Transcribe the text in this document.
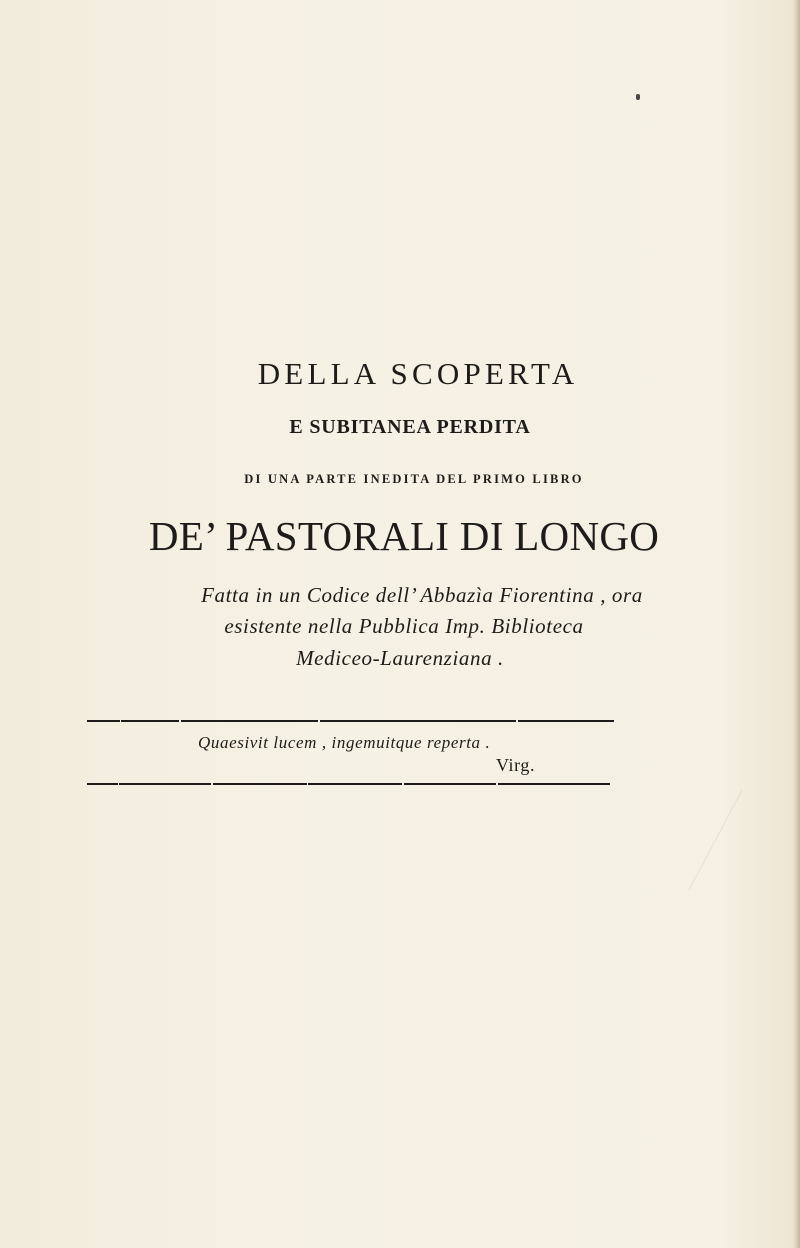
DELLA SCOPERTA
E SUBITANEA PERDITA
DI UNA PARTE INEDITA DEL PRIMO LIBRO
DE’ PASTORALI DI LONGO
Fatta in un Codice dell’ Abbazìa Fiorentina , ora
esistente nella Pubblica Imp. Biblioteca
Mediceo-Laurenziana .
Quaesivit lucem , ingemuitque reperta .
Virg.
